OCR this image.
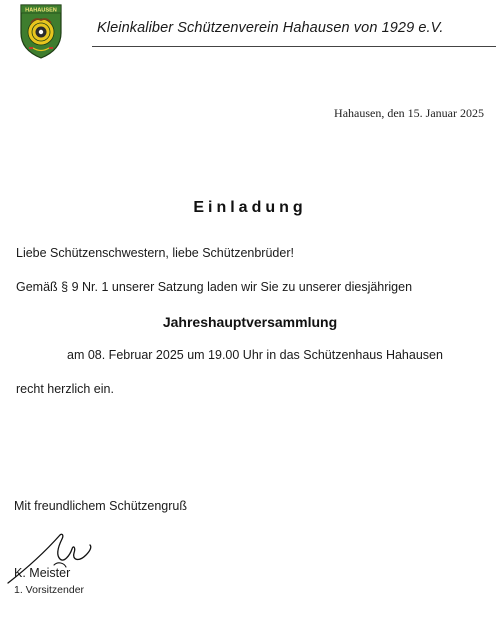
HAHAUSEN
Kleinkaliber Schützenverein Hahausen von 1929 e.V.
Hahausen, den 15. Januar 2025
Einladung
Liebe Schützenschwestern, liebe Schützenbrüder!
Gemäß § 9 Nr. 1 unserer Satzung laden wir Sie zu unserer diesjährigen
Jahreshauptversammlung
am 08. Februar 2025 um 19.00 Uhr in das Schützenhaus Hahausen
recht herzlich ein.
Mit freundlichem Schützengruß
K. Meister
1. Vorsitzender
